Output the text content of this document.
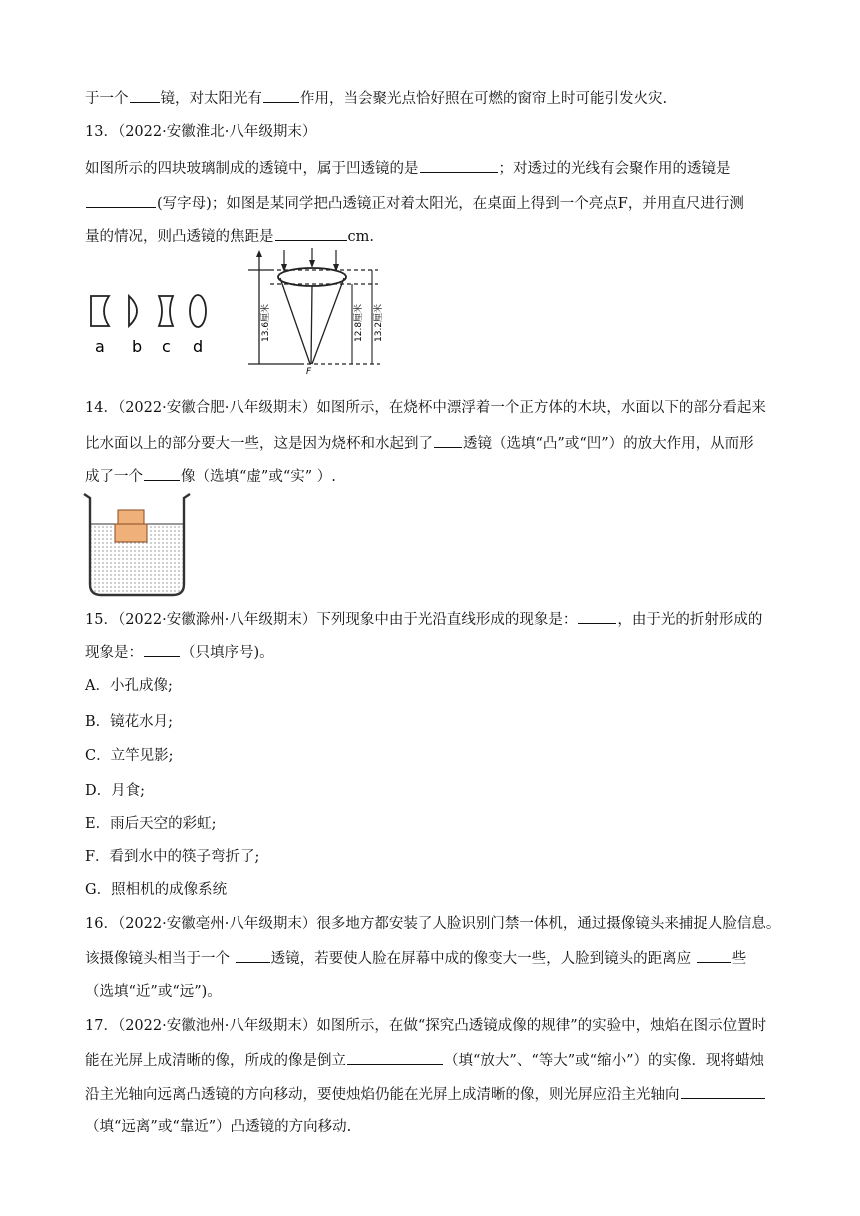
于一个 镜，对太阳光有	作用，当会聚光点恰好照在可燃的窗帘上时可能引发火灾.
13．（2022·安徽淮北·八年级期末）
如图所示的四块玻璃制成的透镜中，属于凹透镜的是	；对透过的光线有会聚作用的透镜是
(写字母)；如图是某同学把凸透镜正对着太阳光，在桌面上得到一个亮点F，并用直尺进行测
量的情况，则凸透镜的焦距是	cm.
a b c d
13.6厘米	12.8厘米 13.2厘米
F
14．（2022·安徽合肥·八年级期末）如图所示，在烧杯中漂浮着一个正方体的木块，水面以下的部分看起来
比水面以上的部分要大一些，这是因为烧杯和水起到了 透镜（选填“凸”或“凹”）的放大作用，从而形
成了一个	像（选填“虚”或“实” ）.
15．（2022·安徽滁州·八年级期末）下列现象中由于光沿直线形成的现象是：	，由于光的折射形成的
现象是：	（只填序号)。
A．小孔成像;
B．镜花水月;
C．立竿见影;
D．月食;
E．雨后天空的彩虹;
F．看到水中的筷子弯折了;
G．照相机的成像系统
16．（2022·安徽亳州·八年级期末）很多地方都安装了人脸识别门禁一体机，通过摄像镜头来捕捉人脸信息。
该摄像镜头相当于一个	透镜，若要使人脸在屏幕中成的像变大一些，人脸到镜头的距离应	些
（选填“近”或“远”)。
17．（2022·安徽池州·八年级期末）如图所示，在做“探究凸透镜成像的规律”的实验中，烛焰在图示位置时
能在光屏上成清晰的像，所成的像是倒立	（填“放大”、“等大”或“缩小”）的实像．现将蜡烛
沿主光轴向远离凸透镜的方向移动，要使烛焰仍能在光屏上成清晰的像，则光屏应沿主光轴向
（填“远离”或“靠近”）凸透镜的方向移动.
